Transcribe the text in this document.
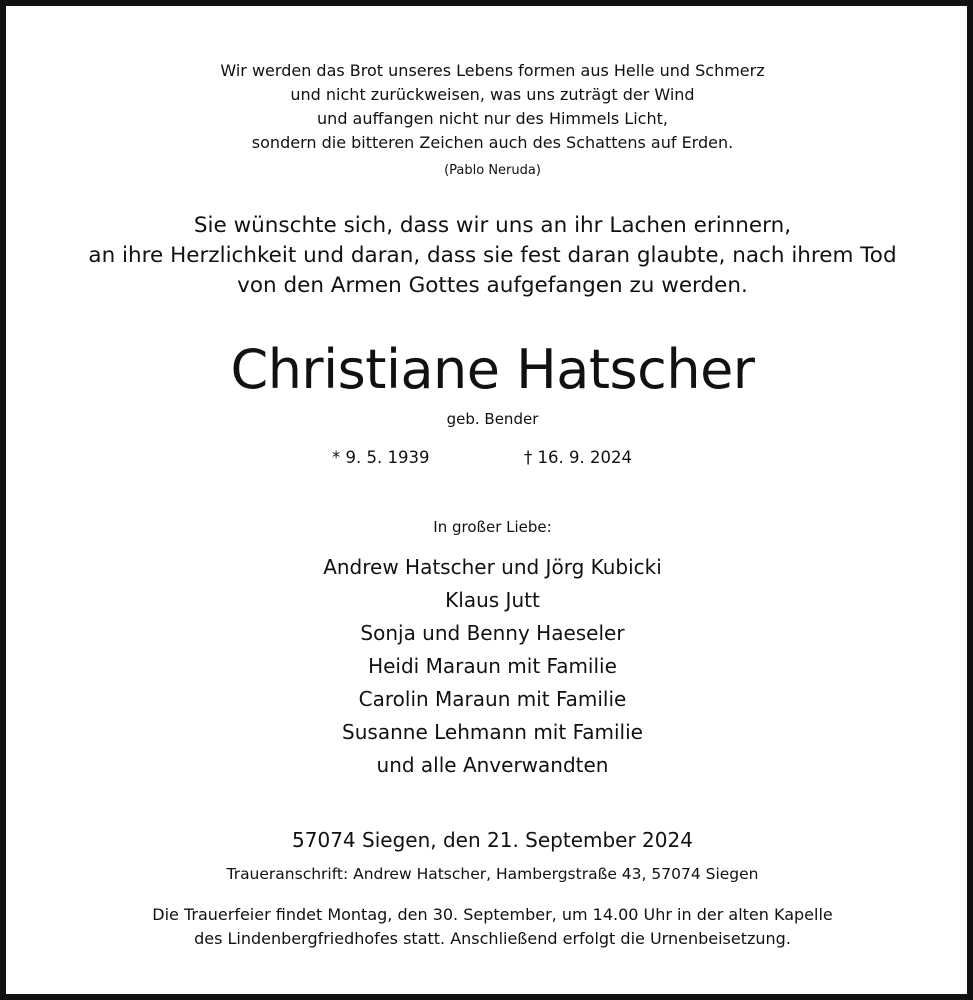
Wir werden das Brot unseres Lebens formen aus Helle und Schmerz

und nicht zurückweisen, was uns zuträgt der Wind

und auffangen nicht nur des Himmels Licht,

sondern die bitteren Zeichen auch des Schattens auf Erden.

(Pablo Neruda)

Sie wünschte sich, dass wir uns an ihr Lachen erinnern,

an ihre Herzlichkeit und daran, dass sie fest daran glaubte, nach ihrem Tod

von den Armen Gottes aufgefangen zu werden.

Christiane Hatscher

geb. Bender

* 9. 5. 1939	† 16. 9. 2024

In großer Liebe:

Andrew Hatscher und Jörg Kubicki

Klaus Jutt

Sonja und Benny Haeseler

Heidi Maraun mit Familie

Carolin Maraun mit Familie

Susanne Lehmann mit Familie

und alle Anverwandten

57074 Siegen, den 21. September 2024

Traueranschrift: Andrew Hatscher, Hambergstraße 43, 57074 Siegen

Die Trauerfeier findet Montag, den 30. September, um 14.00 Uhr in der alten Kapelle

des Lindenbergfriedhofes statt. Anschließend erfolgt die Urnenbeisetzung.
